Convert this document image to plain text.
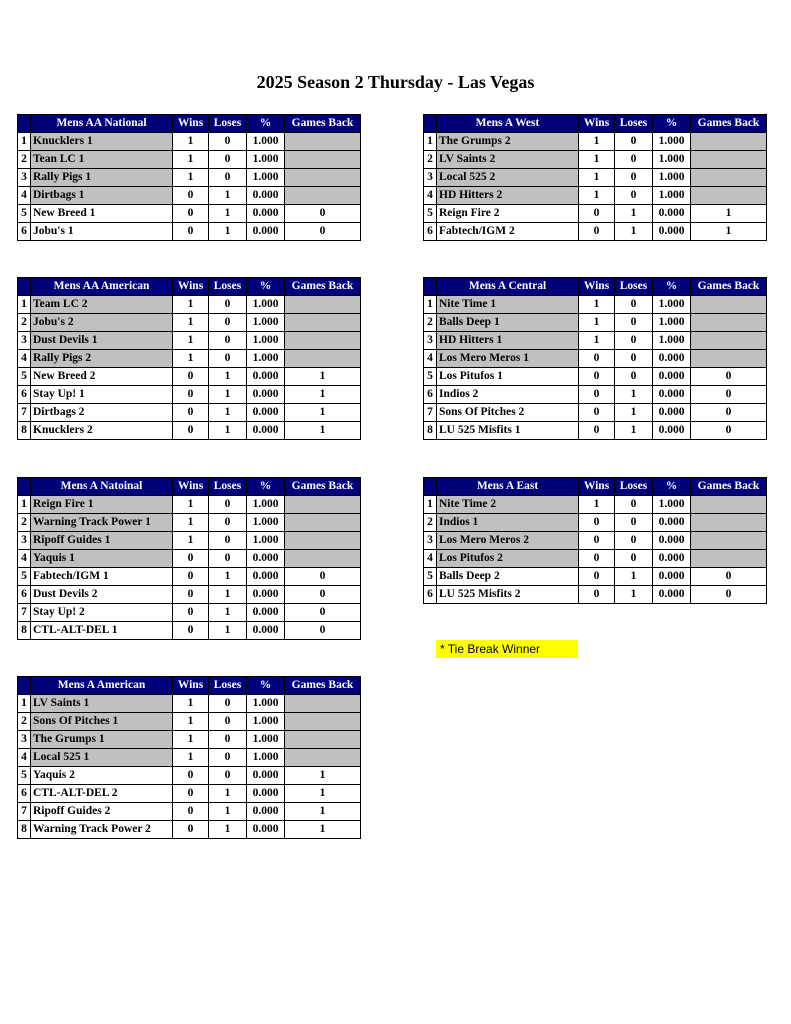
2025 Season 2 Thursday - Las Vegas
	Mens AA National	Wins	Loses	%	Games Back
1	Knucklers 1	1	0	1.000	
2	Tean LC 1	1	0	1.000	
3	Rally Pigs 1	1	0	1.000	
4	Dirtbags 1	0	1	0.000	
5	New Breed 1	0	1	0.000	0
6	Jobu's 1	0	1	0.000	0
	Mens A West	Wins	Loses	%	Games Back
1	The Grumps 2	1	0	1.000	
2	LV Saints 2	1	0	1.000	
3	Local 525 2	1	0	1.000	
4	HD Hitters 2	1	0	1.000	
5	Reign Fire 2	0	1	0.000	1
6	Fabtech/IGM 2	0	1	0.000	1
	Mens AA American	Wins	Loses	%	Games Back
1	Team LC 2	1	0	1.000	
2	Jobu's 2	1	0	1.000	
3	Dust Devils 1	1	0	1.000	
4	Rally Pigs 2	1	0	1.000	
5	New Breed 2	0	1	0.000	1
6	Stay Up! 1	0	1	0.000	1
7	Dirtbags 2	0	1	0.000	1
8	Knucklers 2	0	1	0.000	1
	Mens A Central	Wins	Loses	%	Games Back
1	Nite Time 1	1	0	1.000	
2	Balls Deep 1	1	0	1.000	
3	HD Hitters 1	1	0	1.000	
4	Los Mero Meros 1	0	0	0.000	
5	Los Pitufos 1	0	0	0.000	0
6	Indios 2	0	1	0.000	0
7	Sons Of Pitches 2	0	1	0.000	0
8	LU 525 Misfits 1	0	1	0.000	0
	Mens A Natoinal	Wins	Loses	%	Games Back
1	Reign Fire 1	1	0	1.000	
2	Warning Track Power 1	1	0	1.000	
3	Ripoff Guides 1	1	0	1.000	
4	Yaquis 1	0	0	0.000	
5	Fabtech/IGM 1	0	1	0.000	0
6	Dust Devils 2	0	1	0.000	0
7	Stay Up! 2	0	1	0.000	0
8	CTL-ALT-DEL 1	0	1	0.000	0
	Mens A East	Wins	Loses	%	Games Back
1	Nite Time 2	1	0	1.000	
2	Indios 1	0	0	0.000	
3	Los Mero Meros 2	0	0	0.000	
4	Los Pitufos 2	0	0	0.000	
5	Balls Deep 2	0	1	0.000	0
6	LU 525 Misfits 2	0	1	0.000	0
	Mens A American	Wins	Loses	%	Games Back
1	LV Saints 1	1	0	1.000	
2	Sons Of Pitches 1	1	0	1.000	
3	The Grumps 1	1	0	1.000	
4	Local 525 1	1	0	1.000	
5	Yaquis 2	0	0	0.000	1
6	CTL-ALT-DEL 2	0	1	0.000	1
7	Ripoff Guides 2	0	1	0.000	1
8	Warning Track Power 2	0	1	0.000	1
* Tie Break Winner
